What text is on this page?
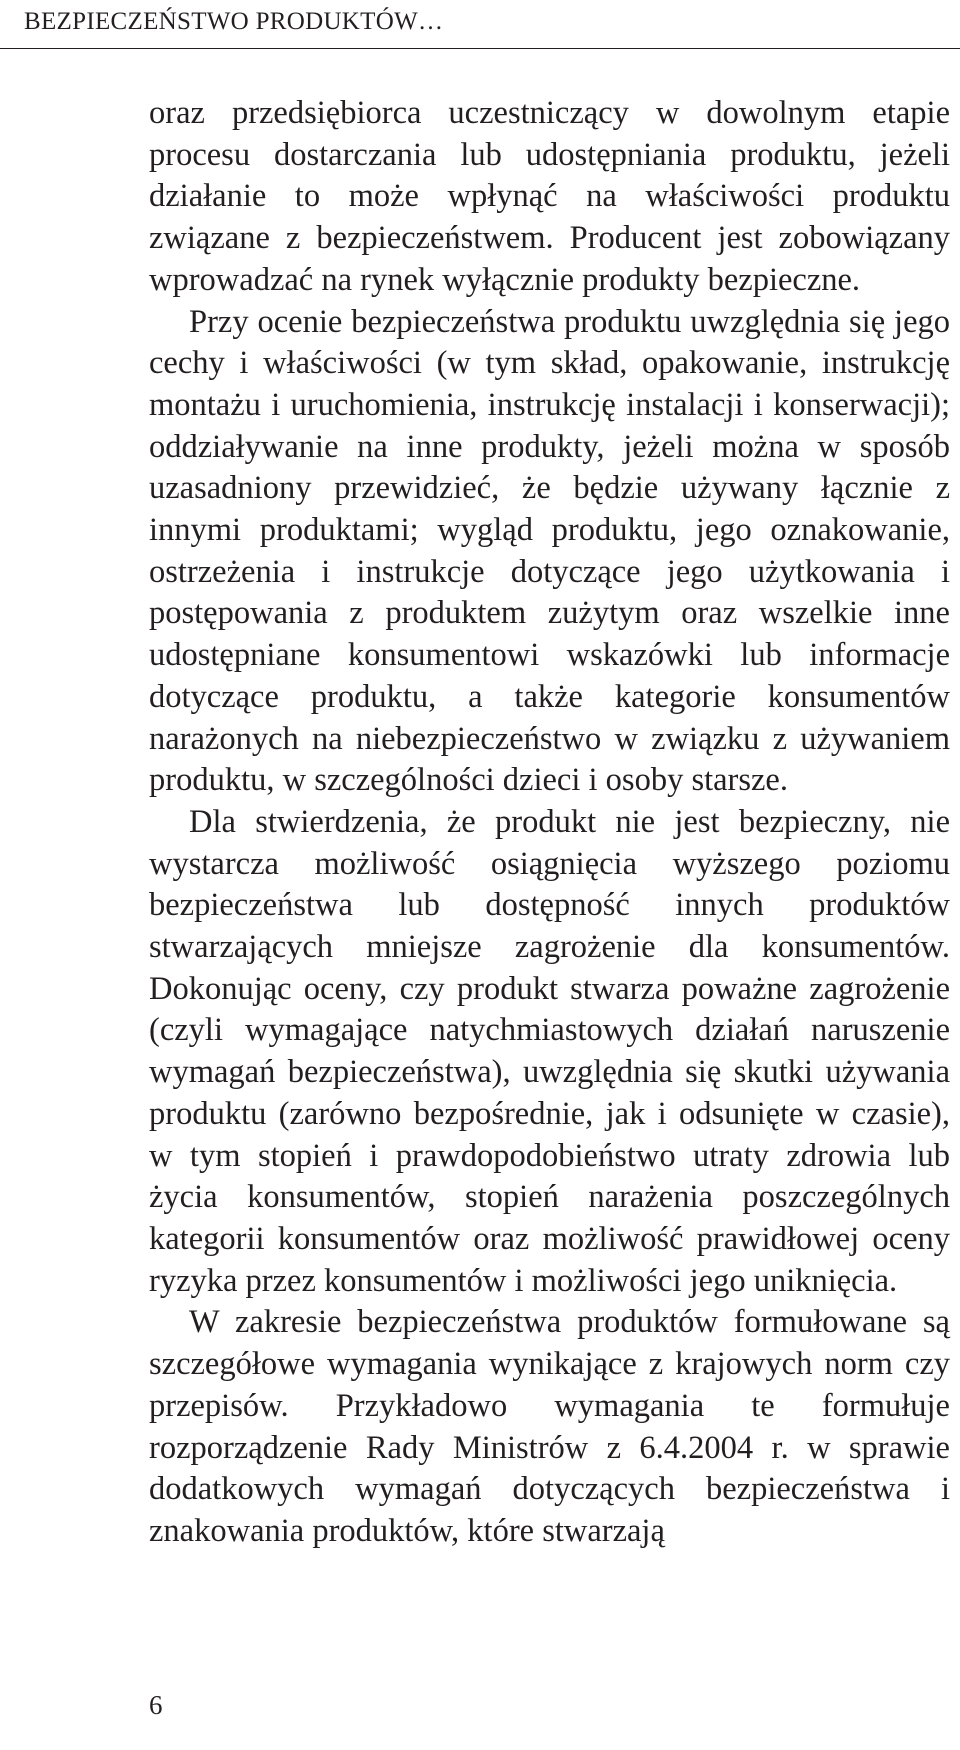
BEZPIECZEŃSTWO PRODUKTÓW…

oraz przedsiębiorca uczestniczący w dowolnym etapie procesu dostarczania lub udostępniania produktu, jeżeli działanie to może wpłynąć na właściwości produktu związane z bezpieczeństwem. Producent jest zobowiązany wprowadzać na rynek wyłącznie produkty bezpieczne.

Przy ocenie bezpieczeństwa produktu uwzględnia się jego cechy i właściwości (w tym skład, opakowanie, instrukcję montażu i uruchomienia, instrukcję instalacji i konserwacji); oddziaływanie na inne produkty, jeżeli można w sposób uzasadniony przewidzieć, że będzie używany łącznie z innymi produktami; wygląd produktu, jego oznakowanie, ostrzeżenia i instrukcje dotyczące jego użytkowania i postępowania z produktem zużytym oraz wszelkie inne udostępniane konsumentowi wskazówki lub informacje dotyczące produktu, a także kategorie konsumentów narażonych na niebezpieczeństwo w związku z używaniem produktu, w szczególności dzieci i osoby starsze.

Dla stwierdzenia, że produkt nie jest bezpieczny, nie wystarcza możliwość osiągnięcia wyższego poziomu bezpieczeństwa lub dostępność innych produktów stwarzających mniejsze zagrożenie dla konsumentów. Dokonując oceny, czy produkt stwarza poważne zagrożenie (czyli wymagające natychmiastowych działań naruszenie wymagań bezpieczeństwa), uwzględnia się skutki używania produktu (zarówno bezpośrednie, jak i odsunięte w czasie), w tym stopień i prawdopodobieństwo utraty zdrowia lub życia konsumentów, stopień narażenia poszczególnych kategorii konsumentów oraz możliwość prawidłowej oceny ryzyka przez konsumentów i możliwości jego uniknięcia.

W zakresie bezpieczeństwa produktów formułowane są szczegółowe wymagania wynikające z krajowych norm czy przepisów. Przykładowo wymagania te formułuje rozporządzenie Rady Ministrów z 6.4.2004 r. w sprawie dodatkowych wymagań dotyczących bezpieczeństwa i znakowania produktów, które stwarzają

6
